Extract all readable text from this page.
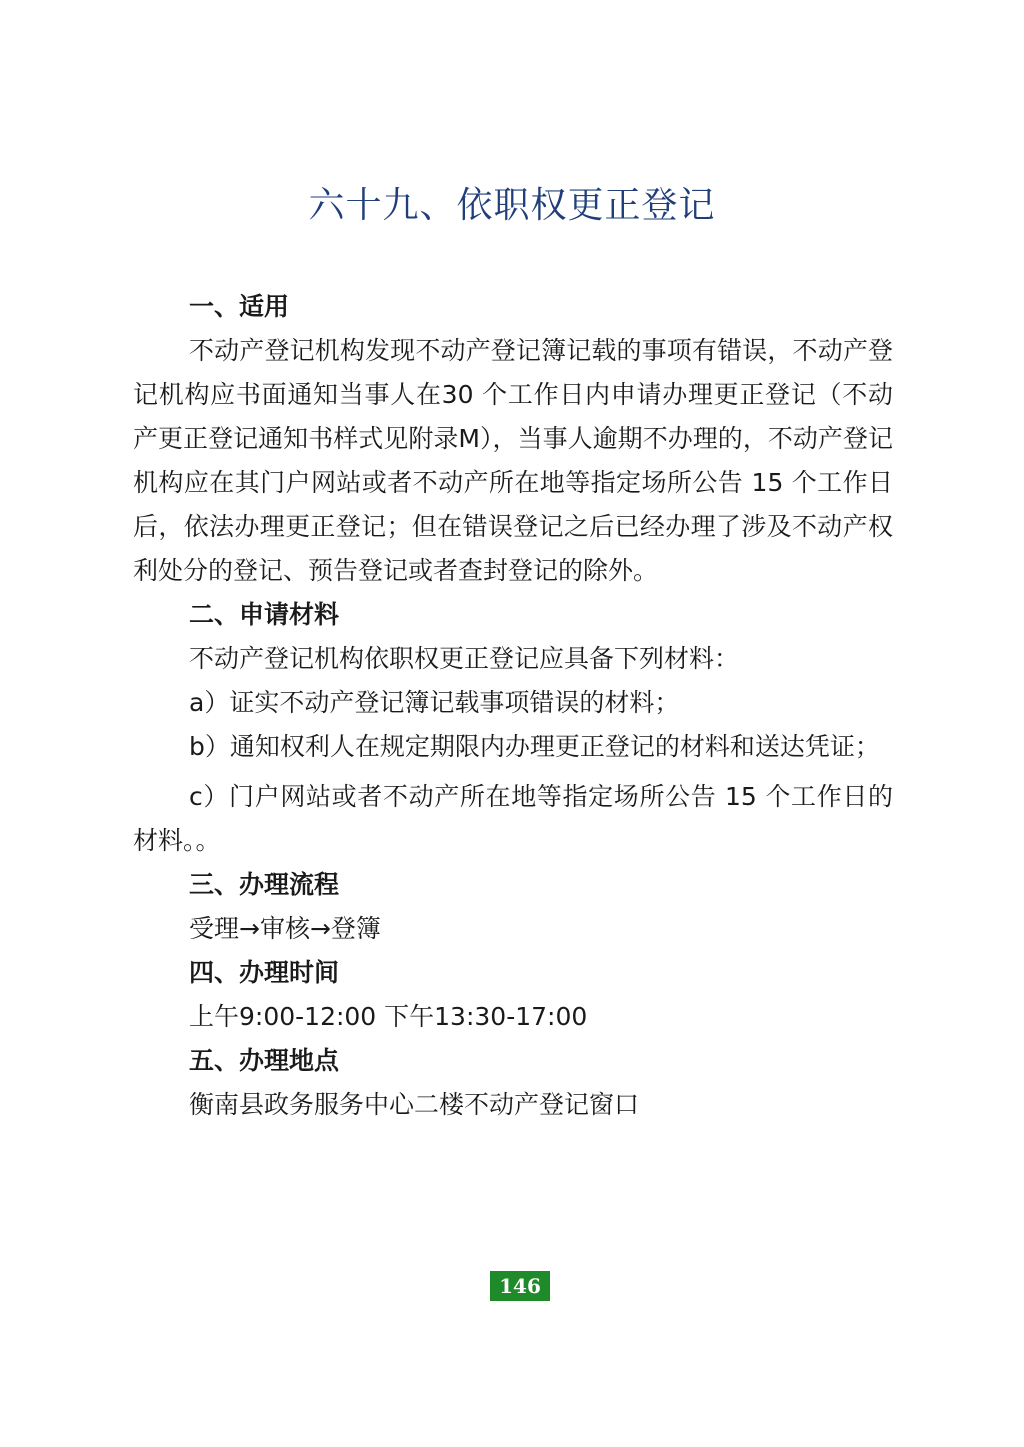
六十九、依职权更正登记

一、适用

不动产登记机构发现不动产登记簿记载的事项有错误，不动产登记机构应书面通知当事人在30 个工作日内申请办理更正登记（不动产更正登记通知书样式见附录M），当事人逾期不办理的，不动产登记机构应在其门户网站或者不动产所在地等指定场所公告 15 个工作日后，依法办理更正登记；但在错误登记之后已经办理了涉及不动产权利处分的登记、预告登记或者查封登记的除外。

二、申请材料

不动产登记机构依职权更正登记应具备下列材料：

a）证实不动产登记簿记载事项错误的材料；

b）通知权利人在规定期限内办理更正登记的材料和送达凭证；

c）门户网站或者不动产所在地等指定场所公告 15 个工作日的材料。。

三、办理流程

受理→审核→登簿

四、办理时间

上午9:00-12:00 下午13:30-17:00

五、办理地点

衡南县政务服务中心二楼不动产登记窗口

146
